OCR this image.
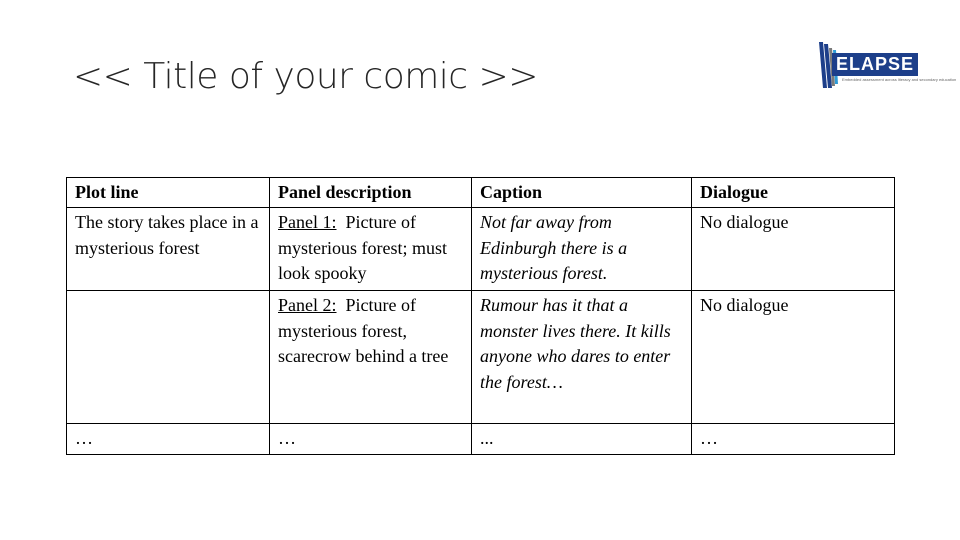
<< Title of your comic >>	ELAPSE
Embedded assessment across literacy and secondary education
Plot line	Panel description	Caption	Dialogue
The story takes place in a mysterious forest	Panel 1: Picture of mysterious forest; must look spooky	Not far away from Edinburgh there is a mysterious forest.	No dialogue
	Panel 2: Picture of mysterious forest, scarecrow behind a tree	Rumour has it that a monster lives there. It kills anyone who dares to enter the forest…	No dialogue
…	…	...	…
